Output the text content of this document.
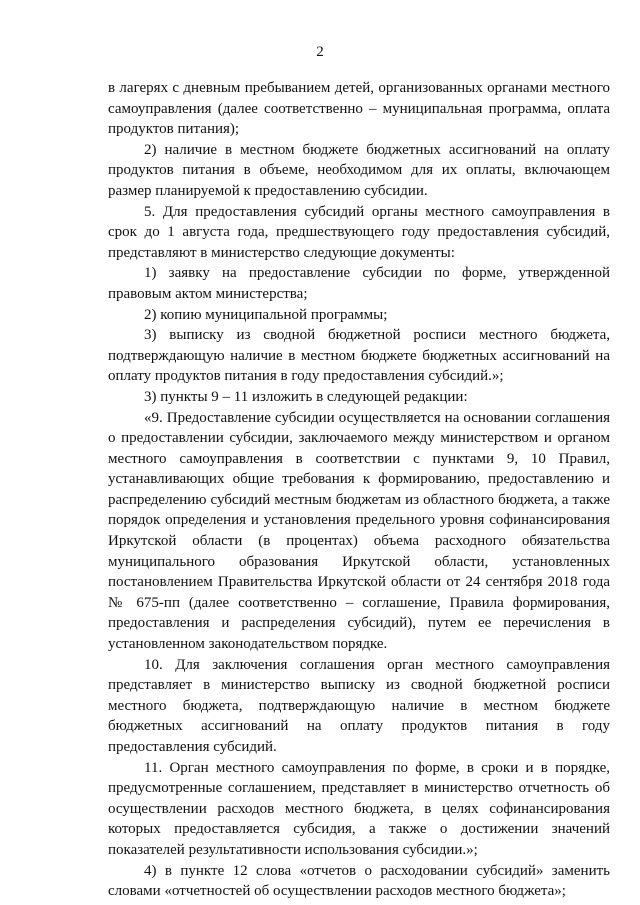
2

в лагерях с дневным пребыванием детей, организованных органами местного самоуправления (далее соответственно – муниципальная программа, оплата продуктов питания);

2) наличие в местном бюджете бюджетных ассигнований на оплату продуктов питания в объеме, необходимом для их оплаты, включающем размер планируемой к предоставлению субсидии.

5. Для предоставления субсидий органы местного самоуправления в срок до 1 августа года, предшествующего году предоставления субсидий, представляют в министерство следующие документы:

1) заявку на предоставление субсидии по форме, утвержденной правовым актом министерства;

2) копию муниципальной программы;

3) выписку из сводной бюджетной росписи местного бюджета, подтверждающую наличие в местном бюджете бюджетных ассигнований на оплату продуктов питания в году предоставления субсидий.»;

3) пункты 9 – 11 изложить в следующей редакции:

«9. Предоставление субсидии осуществляется на основании соглашения о предоставлении субсидии, заключаемого между министерством и органом местного самоуправления в соответствии с пунктами 9, 10 Правил, устанавливающих общие требования к формированию, предоставлению и распределению субсидий местным бюджетам из областного бюджета, а также порядок определения и установления предельного уровня софинансирования Иркутской области (в процентах) объема расходного обязательства муниципального образования Иркутской области, установленных постановлением Правительства Иркутской области от 24 сентября 2018 года № 675-пп (далее соответственно – соглашение, Правила формирования, предоставления и распределения субсидий), путем ее перечисления в установленном законодательством порядке.

10. Для заключения соглашения орган местного самоуправления представляет в министерство выписку из сводной бюджетной росписи местного бюджета, подтверждающую наличие в местном бюджете бюджетных ассигнований на оплату продуктов питания в году предоставления субсидий.

11. Орган местного самоуправления по форме, в сроки и в порядке, предусмотренные соглашением, представляет в министерство отчетность об осуществлении расходов местного бюджета, в целях софинансирования которых предоставляется субсидия, а также о достижении значений показателей результативности использования субсидии.»;

4) в пункте 12 слова «отчетов о расходовании субсидий» заменить словами «отчетностей об осуществлении расходов местного бюджета»;
